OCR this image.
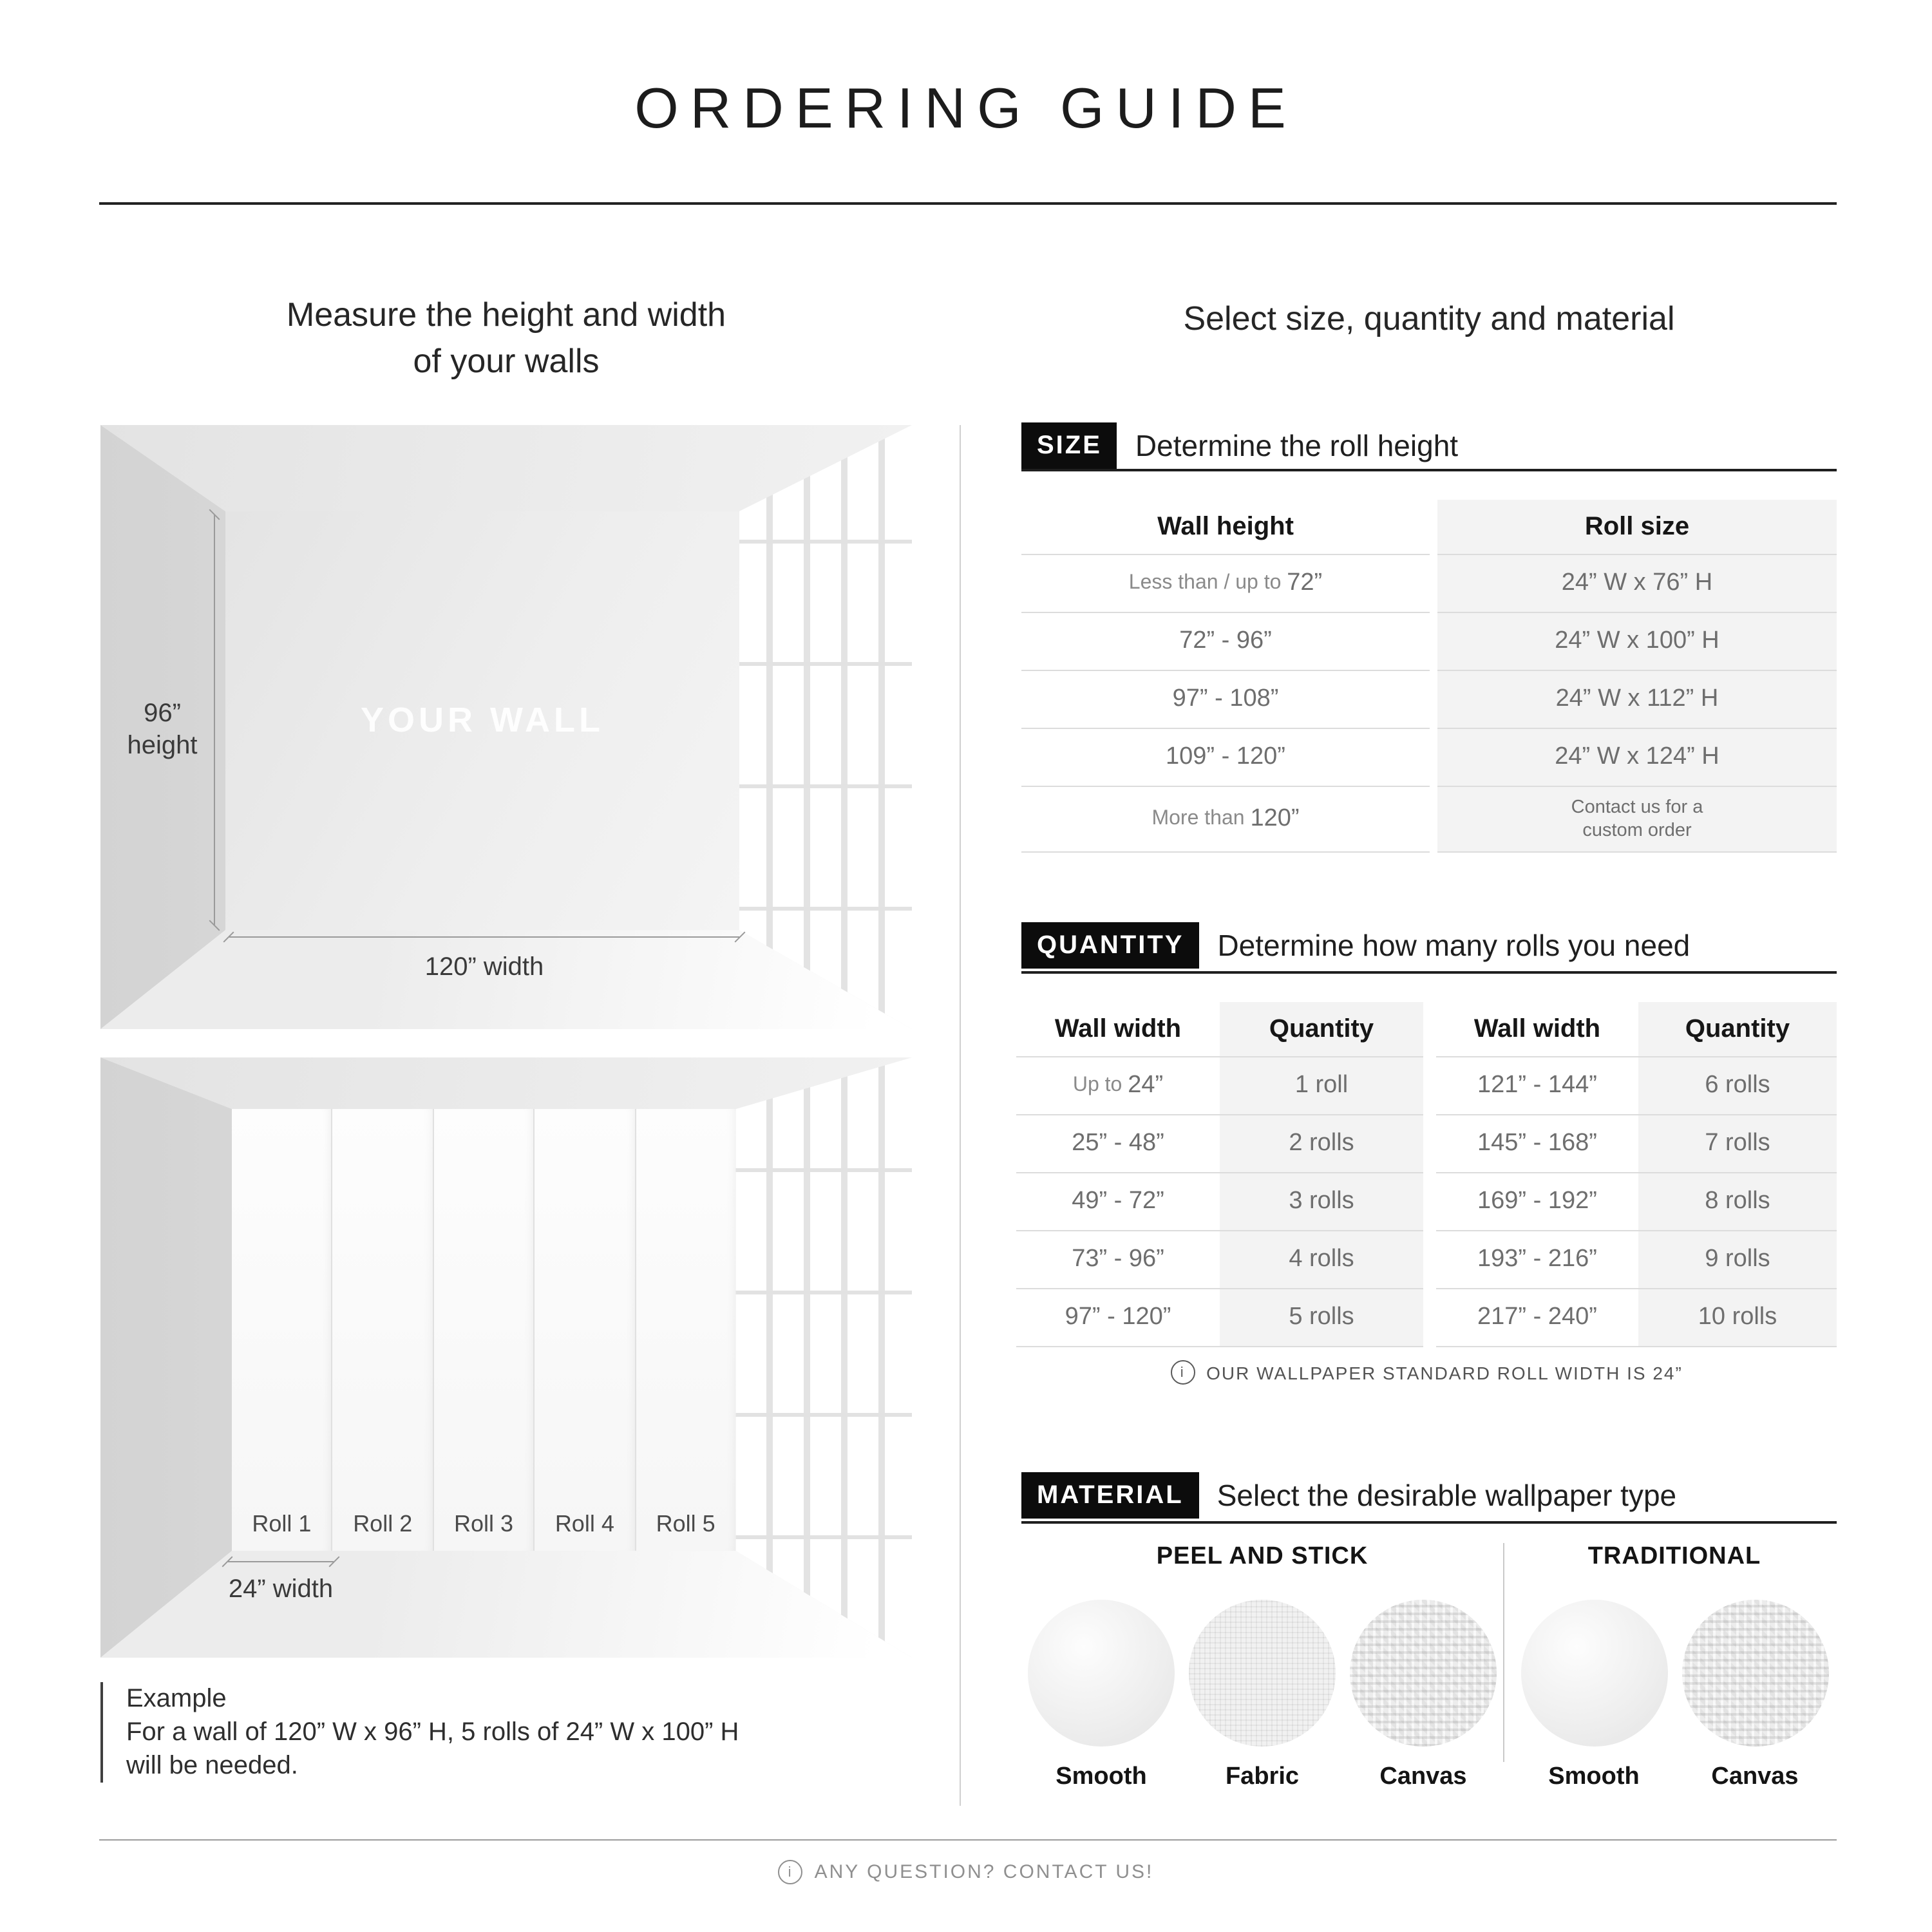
ORDERING GUIDE
Measure the height and width
of your walls
Select size, quantity and material
YOUR WALL
96”
height
120” width
Roll 1	Roll 2	Roll 3	Roll 4	Roll 5
24” width
Example
For a wall of 120” W x 96” H, 5 rolls of 24” W x 100” H
will be needed.
SIZE	Determine the roll height
Wall height	Roll size
Less than / up to 72”	24” W x 76” H
72” - 96”	24” W x 100” H
97” - 108”	24” W x 112” H
109” - 120”	24” W x 124” H
More than 120”	Contact us for a custom order
QUANTITY	Determine how many rolls you need
Wall width	Quantity	Wall width	Quantity
Up to 24”	1 roll	121” - 144”	6 rolls
25” - 48”	2 rolls	145” - 168”	7 rolls
49” - 72”	3 rolls	169” - 192”	8 rolls
73” - 96”	4 rolls	193” - 216”	9 rolls
97” - 120”	5 rolls	217” - 240”	10 rolls
i	OUR WALLPAPER STANDARD ROLL WIDTH IS 24”
MATERIAL	Select the desirable wallpaper type
PEEL AND STICK
Smooth	Fabric	Canvas
TRADITIONAL
Smooth	Canvas
i	ANY QUESTION? CONTACT US!
